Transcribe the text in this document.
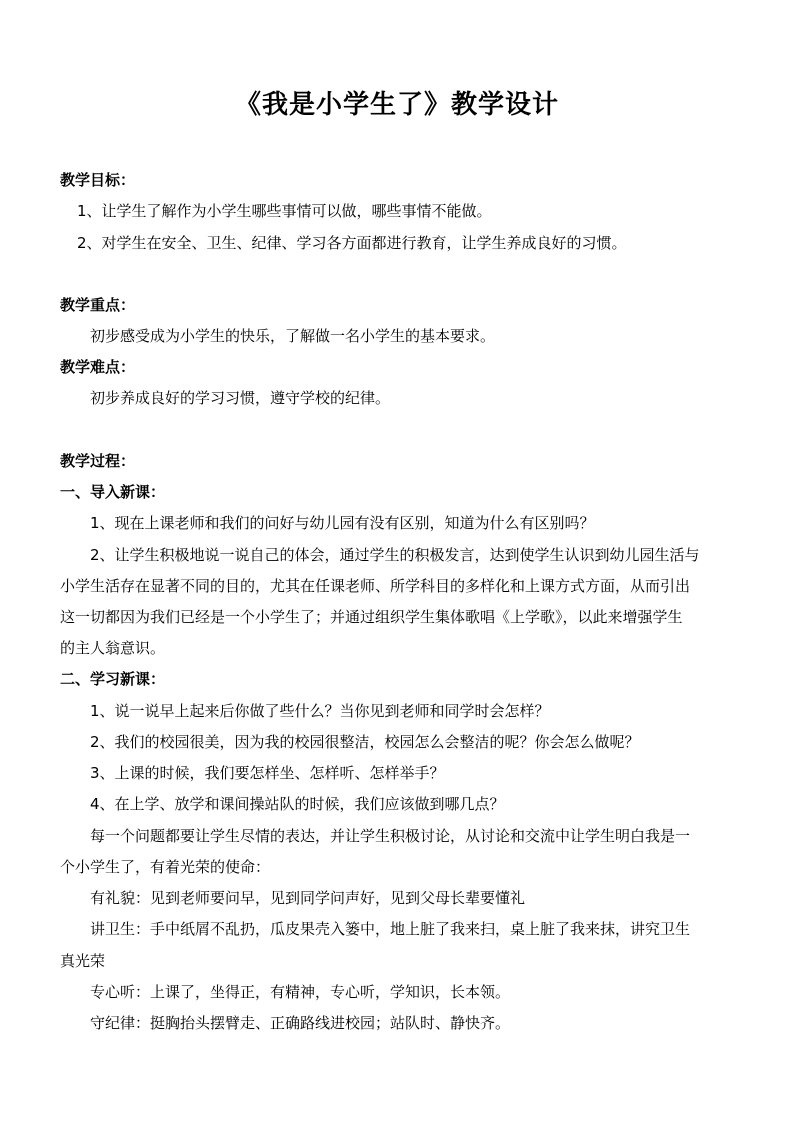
《我是小学生了》教学设计
教学目标：
1、让学生了解作为小学生哪些事情可以做，哪些事情不能做。
2、对学生在安全、卫生、纪律、学习各方面都进行教育，让学生养成良好的习惯。
教学重点：
初步感受成为小学生的快乐，了解做一名小学生的基本要求。
教学难点：
初步养成良好的学习习惯，遵守学校的纪律。
教学过程：
一、导入新课：
1、现在上课老师和我们的问好与幼儿园有没有区别，知道为什么有区别吗？
2、让学生积极地说一说自己的体会，通过学生的积极发言，达到使学生认识到幼儿园生活与
小学生活存在显著不同的目的，尤其在任课老师、所学科目的多样化和上课方式方面，从而引出
这一切都因为我们已经是一个小学生了；并通过组织学生集体歌唱《上学歌》，以此来增强学生
的主人翁意识。
二、学习新课：
1、说一说早上起来后你做了些什么？当你见到老师和同学时会怎样？
2、我们的校园很美，因为我的校园很整洁，校园怎么会整洁的呢？你会怎么做呢？
3、上课的时候，我们要怎样坐、怎样听、怎样举手？
4、在上学、放学和课间操站队的时候，我们应该做到哪几点？
每一个问题都要让学生尽情的表达，并让学生积极讨论，从讨论和交流中让学生明白我是一
个小学生了，有着光荣的使命：
有礼貌：见到老师要问早，见到同学问声好，见到父母长辈要懂礼
讲卫生：手中纸屑不乱扔，瓜皮果壳入篓中，地上脏了我来扫，桌上脏了我来抹，讲究卫生
真光荣
专心听：上课了，坐得正，有精神，专心听，学知识，长本领。
守纪律：挺胸抬头摆臂走、正确路线进校园；站队时、静快齐。
